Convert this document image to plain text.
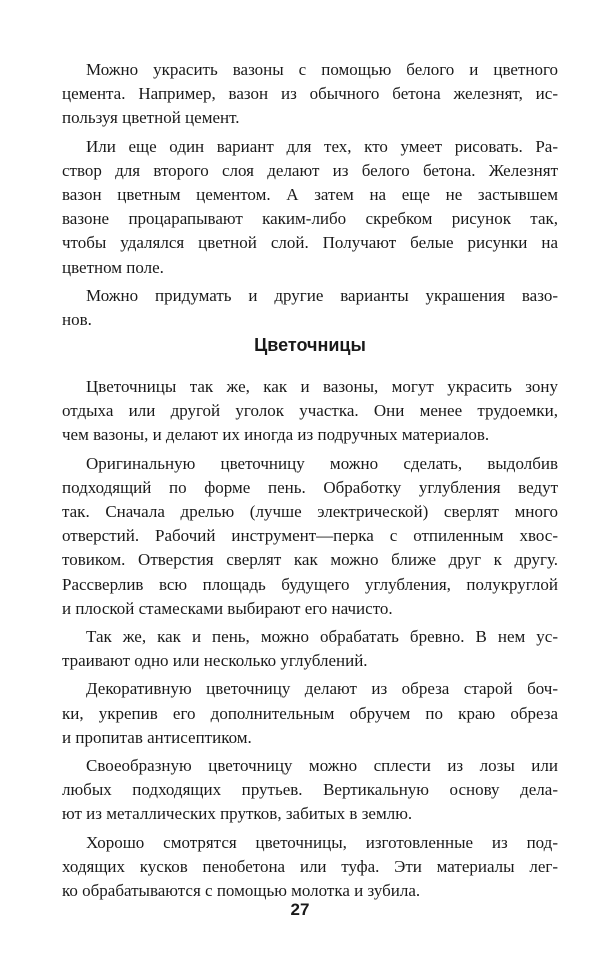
Можно украсить вазоны с помощью белого и цветного
цемента. Например, вазон из обычного бетона железнят, ис-
пользуя цветной цемент.

Или еще один вариант для тех, кто умеет рисовать. Ра-
створ для второго слоя делают из белого бетона. Железнят
вазон цветным цементом. А затем на еще не застывшем
вазоне процарапывают каким-либо скребком рисунок так,
чтобы удалялся цветной слой. Получают белые рисунки на
цветном поле.

Можно придумать и другие варианты украшения вазо-
нов.

Цветочницы

Цветочницы так же, как и вазоны, могут украсить зону
отдыха или другой уголок участка. Они менее трудоемки,
чем вазоны, и делают их иногда из подручных материалов.

Оригинальную цветочницу можно сделать, выдолбив
подходящий по форме пень. Обработку углубления ведут
так. Сначала дрелью (лучше электрической) сверлят много
отверстий. Рабочий инструмент—перка с отпиленным хвос-
товиком. Отверстия сверлят как можно ближе друг к другу.
Рассверлив всю площадь будущего углубления, полукруглой
и плоской стамесками выбирают его начисто.

Так же, как и пень, можно обрабатать бревно. В нем ус-
траивают одно или несколько углублений.

Декоративную цветочницу делают из обреза старой боч-
ки, укрепив его дополнительным обручем по краю обреза
и пропитав антисептиком.

Своеобразную цветочницу можно сплести из лозы или
любых подходящих прутьев. Вертикальную основу дела-
ют из металлических прутков, забитых в землю.

Хорошо смотрятся цветочницы, изготовленные из под-
ходящих кусков пенобетона или туфа. Эти материалы лег-
ко обрабатываются с помощью молотка и зубила.

27
